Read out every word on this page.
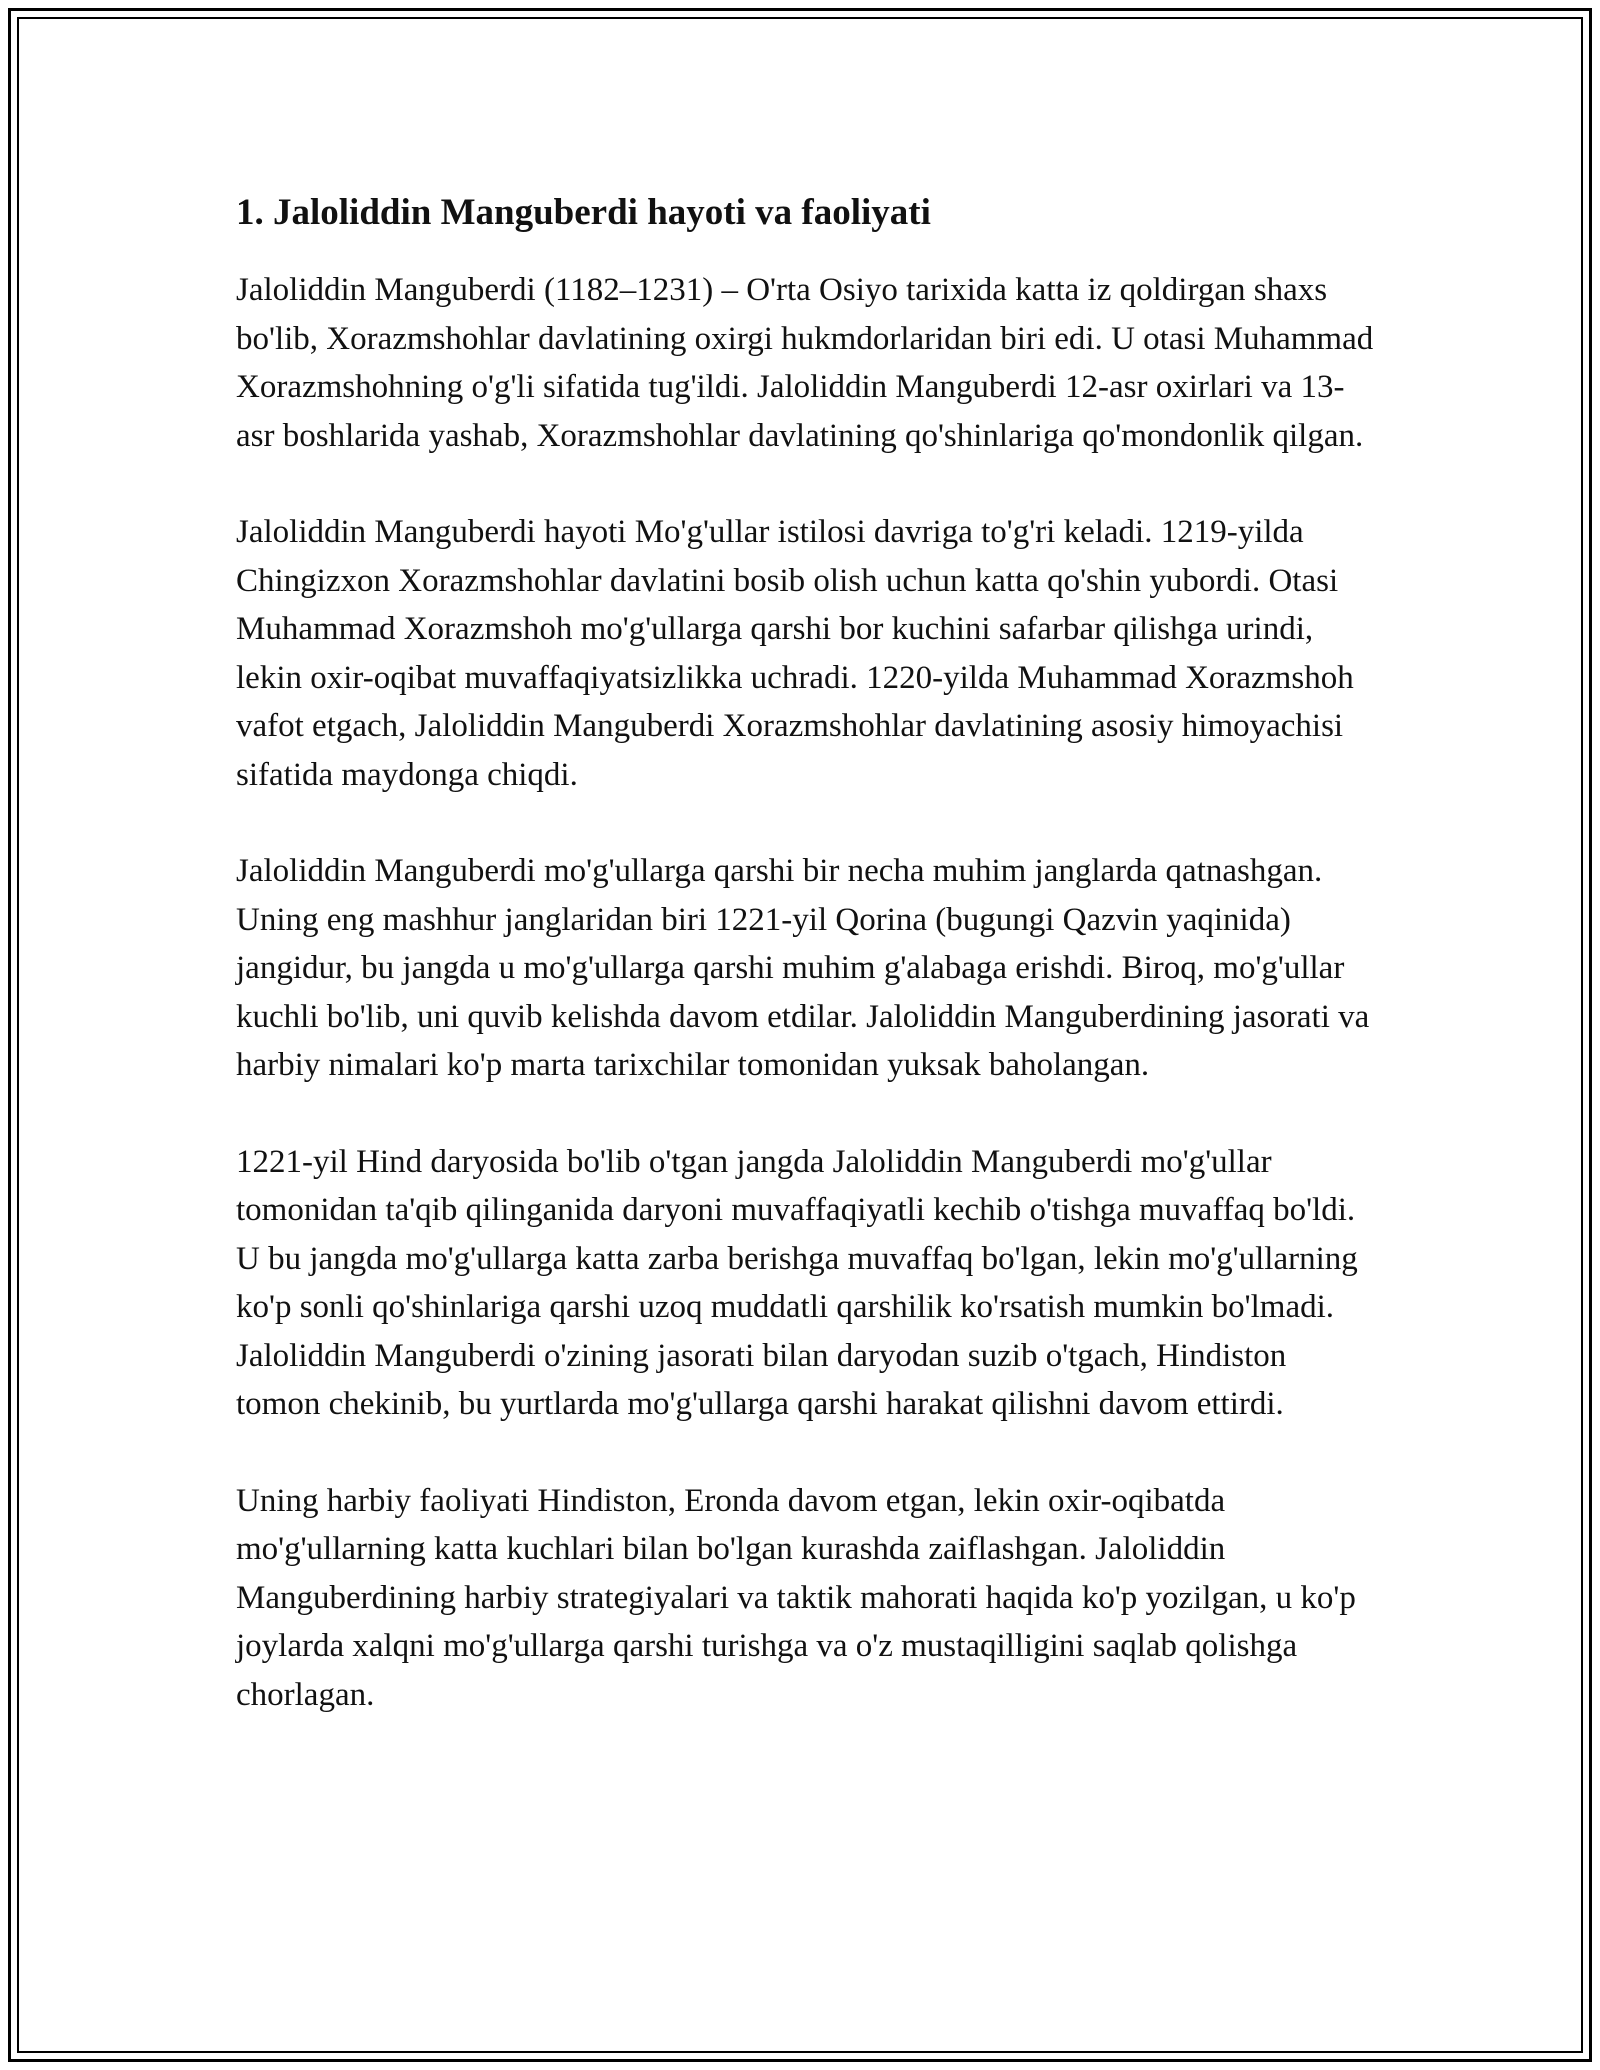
1. Jaloliddin Manguberdi hayoti va faoliyati

Jaloliddin Manguberdi (1182–1231) – O'rta Osiyo tarixida katta iz qoldirgan shaxs bo'lib, Xorazmshohlar davlatining oxirgi hukmdorlaridan biri edi. U otasi Muhammad Xorazmshohning o'g'li sifatida tug'ildi. Jaloliddin Manguberdi 12-asr oxirlari va 13-asr boshlarida yashab, Xorazmshohlar davlatining qo'shinlariga qo'mondonlik qilgan.

Jaloliddin Manguberdi hayoti Mo'g'ullar istilosi davriga to'g'ri keladi. 1219-yilda Chingizxon Xorazmshohlar davlatini bosib olish uchun katta qo'shin yubordi. Otasi Muhammad Xorazmshoh mo'g'ullarga qarshi bor kuchini safarbar qilishga urindi, lekin oxir-oqibat muvaffaqiyatsizlikka uchradi. 1220-yilda Muhammad Xorazmshoh vafot etgach, Jaloliddin Manguberdi Xorazmshohlar davlatining asosiy himoyachisi sifatida maydonga chiqdi.

Jaloliddin Manguberdi mo'g'ullarga qarshi bir necha muhim janglarda qatnashgan. Uning eng mashhur janglaridan biri 1221-yil Qorina (bugungi Qazvin yaqinida) jangidur, bu jangda u mo'g'ullarga qarshi muhim g'alabaga erishdi. Biroq, mo'g'ullar kuchli bo'lib, uni quvib kelishda davom etdilar. Jaloliddin Manguberdining jasorati va harbiy nimalari ko'p marta tarixchilar tomonidan yuksak baholangan.

1221-yil Hind daryosida bo'lib o'tgan jangda Jaloliddin Manguberdi mo'g'ullar tomonidan ta'qib qilinganida daryoni muvaffaqiyatli kechib o'tishga muvaffaq bo'ldi. U bu jangda mo'g'ullarga katta zarba berishga muvaffaq bo'lgan, lekin mo'g'ullarning ko'p sonli qo'shinlariga qarshi uzoq muddatli qarshilik ko'rsatish mumkin bo'lmadi. Jaloliddin Manguberdi o'zining jasorati bilan daryodan suzib o'tgach, Hindiston tomon chekinib, bu yurtlarda mo'g'ullarga qarshi harakat qilishni davom ettirdi.

Uning harbiy faoliyati Hindiston, Eronda davom etgan, lekin oxir-oqibatda mo'g'ullarning katta kuchlari bilan bo'lgan kurashda zaiflashgan. Jaloliddin Manguberdining harbiy strategiyalari va taktik mahorati haqida ko'p yozilgan, u ko'p joylarda xalqni mo'g'ullarga qarshi turishga va o'z mustaqilligini saqlab qolishga chorlagan.
